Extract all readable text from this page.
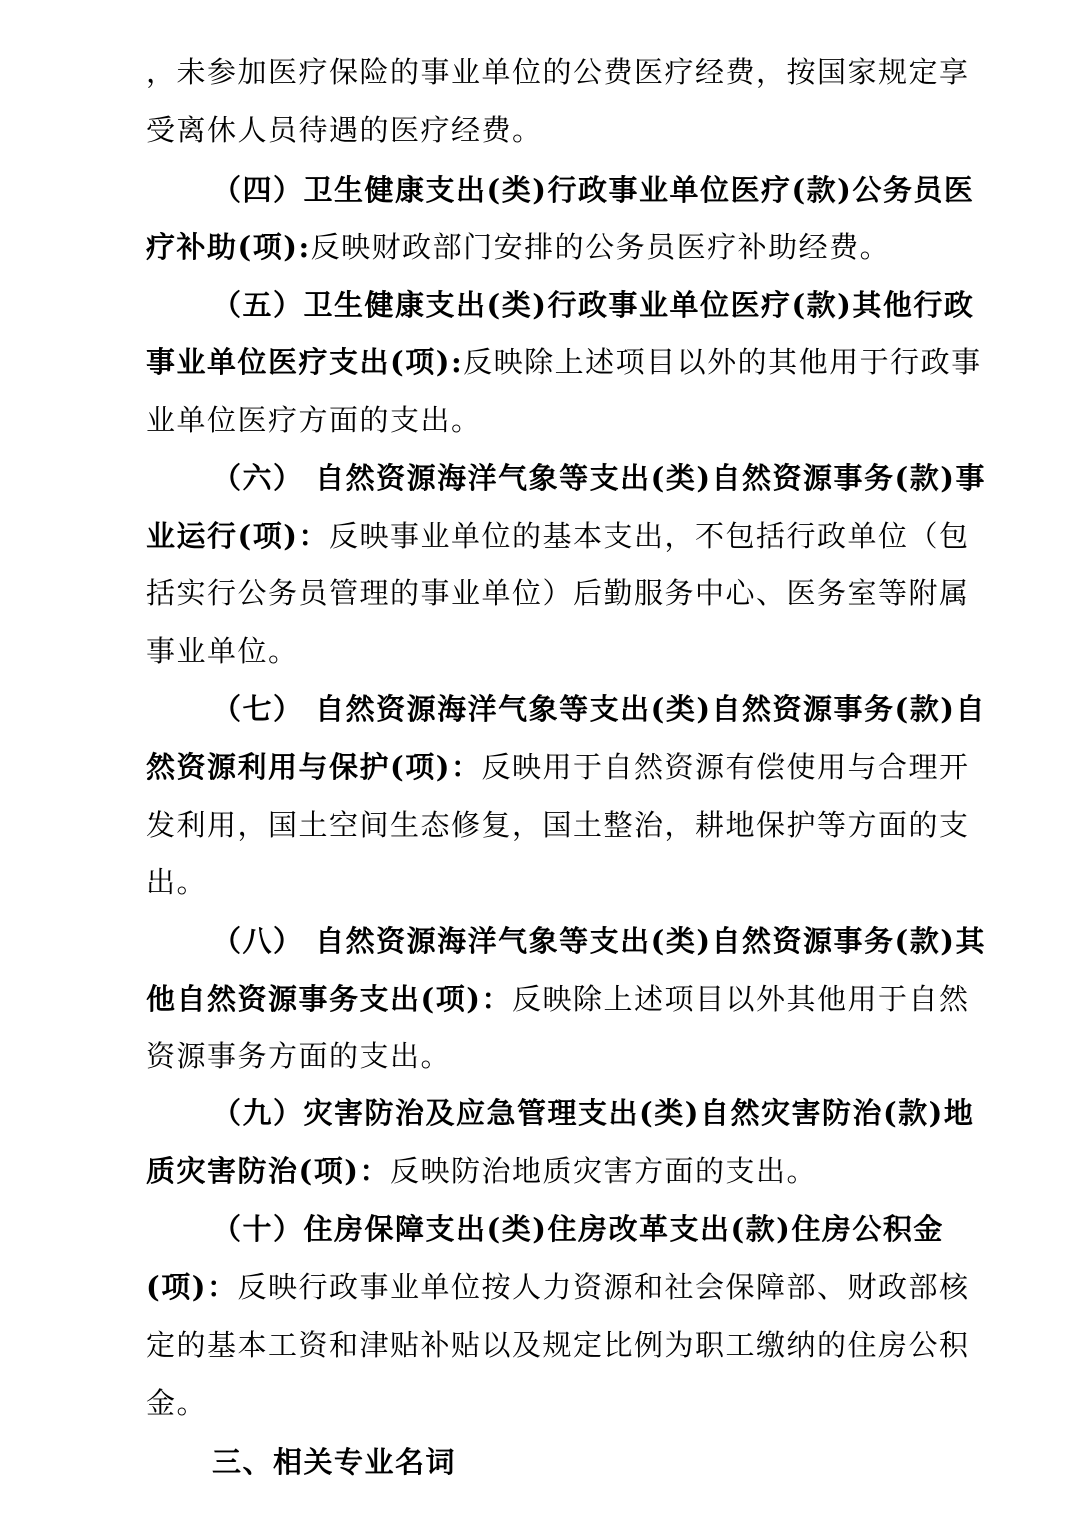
，未参加医疗保险的事业单位的公费医疗经费，按国家规定享
受离休人员待遇的医疗经费。
（四）卫生健康支出(类)行政事业单位医疗(款)公务员医
疗补助(项):反映财政部门安排的公务员医疗补助经费。
（五）卫生健康支出(类)行政事业单位医疗(款)其他行政
事业单位医疗支出(项):反映除上述项目以外的其他用于行政事
业单位医疗方面的支出。
（六） 自然资源海洋气象等支出(类)自然资源事务(款)事
业运行(项)：反映事业单位的基本支出，不包括行政单位（包
括实行公务员管理的事业单位）后勤服务中心、医务室等附属
事业单位。
（七） 自然资源海洋气象等支出(类)自然资源事务(款)自
然资源利用与保护(项)：反映用于自然资源有偿使用与合理开
发利用，国土空间生态修复，国土整治，耕地保护等方面的支
出。
（八） 自然资源海洋气象等支出(类)自然资源事务(款)其
他自然资源事务支出(项)：反映除上述项目以外其他用于自然
资源事务方面的支出。
（九）灾害防治及应急管理支出(类)自然灾害防治(款)地
质灾害防治(项)：反映防治地质灾害方面的支出。
（十）住房保障支出(类)住房改革支出(款)住房公积金
(项)：反映行政事业单位按人力资源和社会保障部、财政部核
定的基本工资和津贴补贴以及规定比例为职工缴纳的住房公积
金。
三、相关专业名词
